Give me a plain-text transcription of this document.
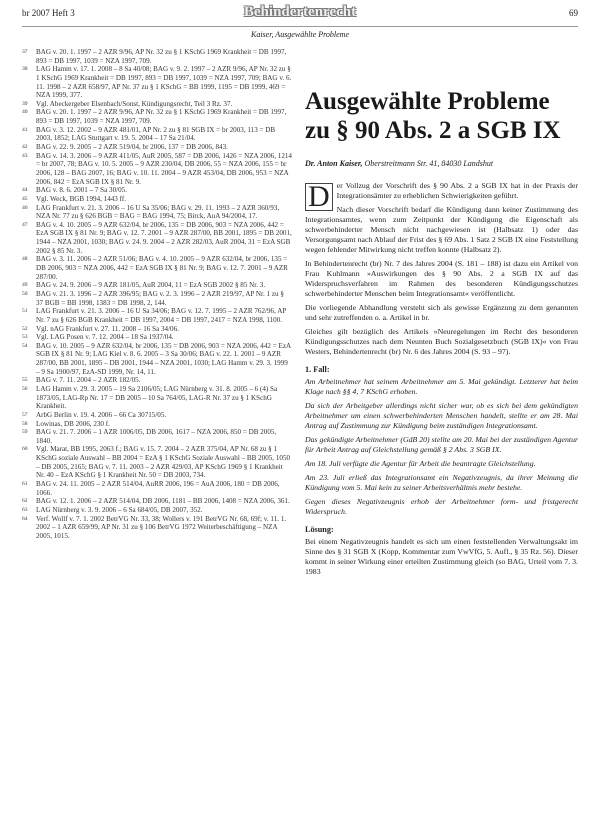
br 2007 Heft 3	Behindertenrecht	69
Kaiser, Ausgewählte Probleme
37	BAG v. 20. 1. 1997 – 2 AZR 9/96, AP Nr. 32 zu § 1 KSchG 1969 Krankheit = DB 1997, 893 = DB 1997, 1039 = NZA 1997, 709.
38	LAG Hamm v. 17. 1. 2008 – 8 Sa 40/08; BAG v. 9. 2. 1997 – 2 AZR 9/96, AP Nr. 32 zu § 1 KSchG 1969 Krankheit = DB 1997, 893 = DB 1997, 1039 = NZA 1997, 709; BAG v. 6. 11. 1998 – 2 AZR 658/97, AP Nr. 37 zu § 1 KSchG = BB 1999, 1195 = DB 1999, 469 = NZA 1999, 377.
39	Vgl. Abeckergeber Elsenbach/Sonst, Kündigungsrecht, Teil 3 Rz. 37.
40	BAG v. 20. 1. 1997 – 2 AZR 9/96, AP Nr. 32 zu § 1 KSchG 1969 Krankheit = DB 1997, 893 = DB 1997, 1039 = NZA 1997, 709.
41	BAG v. 3. 12. 2002 – 9 AZR 481/01, AP Nr. 2 zu § 81 SGB IX = br 2003, 113 = DB 2003, 1852; LAG Stuttgart v. 19. 5. 2004 – 17 Sa 21/04.
42	BAG v. 22. 9. 2005 – 2 AZR 519/04, br 2006, 137 = DB 2006, 843.
43	BAG v. 14. 3. 2006 – 9 AZR 411/05, AuR 2005, 587 = DB 2006, 1426 = NZA 2006, 1214 = br 2007, 78; BAG v. 10. 5. 2005 – 9 AZR 230/04, DB 2006, 55 = NZA 2006, 155 = br 2006, 128 – BAG 2007, 16; BAG v. 10. 11. 2004 – 9 AZR 453/04, DB 2006, 953 = NZA 2006, 842 = EzA SGB IX § 81 Nr. 9.
44	BAG v. 8. 6. 2001 – 7 Sa 30/05.
45	Vgl. Weck, BGB 1994, 1443 ff.
46	LAG Frankfurt v. 21. 3. 2006 – 16 U Sa 35/06; BAG v. 29. 11. 1993 – 2 AZR 360/93, NZA Nr. 77 zu § 626 BGB = BAG = BAG 1994, 75; Birck, AuA 94/2004, 17.
47	BAG v. 4. 10. 2005 – 9 AZR 632/04, br 2006, 135 = DB 2006, 903 = NZA 2006, 442 = EzA SGB IX § 81 Nr. 9; BAG v. 12. 7. 2001 – 9 AZR 287/00, BB 2001, 1895 = DB 2001, 1944 – NZA 2001, 1030; BAG v. 24. 9. 2004 – 2 AZR 282/03, AuR 2004, 31 = EzA SGB 2002 § 85 Nr. 3.
48	BAG v. 3. 11. 2006 – 2 AZR 51/06; BAG v. 4. 10. 2005 – 9 AZR 632/04, br 2006, 135 = DB 2006, 903 = NZA 2006, 442 = EzA SGB IX § 81 Nr. 9; BAG v. 12. 7. 2001 – 9 AZR 287/00.
49	BAG v. 24. 9. 2006 – 9 AZR 181/05, AuR 2004, 11 = EzA SGB 2002 § 85 Nr. 3.
50	BAG v. 21. 3. 1996 – 2 AZR 396/95; BAG v. 2. 3. 1996 – 2 AZR 219/97, AP Nr. 1 zu § 37 BGB = BB 1998, 1383 = DB 1998, 2, 144.
51	LAG Frankfurt v. 21. 3. 2006 – 16 U Sa 34/06; BAG v. 12. 7. 1995 – 2 AZR 762/96, AP Nr. 7 zu § 626 BGB Krankheit = DB 1997, 2004 = DB 1997, 2417 = NZA 1998, 1100.
52	Vgl. nAG Frankfurt v. 27. 11. 2008 – 16 Sa 34/06.
53	Vgl. LAG Posen v. 7. 12. 2004 – 18 Sa 1937/04.
54	BAG v. 10. 2005 – 9 AZR 632/04, br 2006, 135 = DB 2006, 903 = NZA 2006, 442 = EzA SGB IX § 81 Nr. 9; LAG Kiel v. 8. 6. 2005 – 3 Sa 30/06; BAG v. 22. 1. 2001 – 9 AZR 287/00, BB 2001, 1895 – DB 2001, 1944 – NZA 2001, 1030; LAG Hamm v. 29. 3. 1999 – 9 Sa 1900/97, EzA-SD 1999, Nr. 14, 11.
55	BAG v. 7. 11. 2004 – 2 AZR 182/05.
56	LAG Hamm v. 29. 3. 2005 – 19 Sa 2106/05; LAG Nürnberg v. 31. 8. 2005 – 6 (4) Sa 1873/05, LAG-Rp Nr. 17 = DB 2005 – 10 Sa 764/05, LAG-R Nr. 37 zu § 1 KSchG Krankheit.
57	ArbG Berlin v. 19. 4. 2006 – 66 Ca 30715/05.
58	Lowinas, DB 2006, 230 f.
59	BAG v. 21. 7. 2006 – 1 AZR 1006/05, DB 2006, 1617 – NZA 2006, 850 = DB 2005, 1840.
60	Vgl. Marat, BB 1995, 2063 f.; BAG v. 15. 7. 2004 – 2 AZR 375/04, AP Nr. 68 zu § 1 KSchG soziale Auswahl – BB 2004 = EzA § 1 KSchG Soziale Auswahl – BB 2005, 1050 – DB 2005, 2165; BAG v. 7. 11. 2003 – 2 AZR 429/03, AP KSchG 1969 § 1 Krankheit Nr. 40 – EzA KSchG § 1 Krankheit Nr. 50 = DB 2003, 734.
61	BAG v. 24. 11. 2005 – 2 AZR 514/04, AuRR 2006, 196 = AuA 2006, 180 = DB 2006, 1066.
62	BAG v. 12. 1. 2006 – 2 AZR 514/04, DB 2006, 1181 – BB 2006, 1408 = NZA 2006, 361.
63	LAG Nürnberg v. 3. 9. 2006 – 6 Sa 684/05, DB 2007, 352.
64	Verf. Wollf v. 7. 1. 2002 BetrVG Nr. 33, 38; Wollers v. 191 BetrVG Nr. 68, 69f; v. 11. 1. 2002 – 1 AZR 659/99, AP Nr. 31 zu § 106 BetrVG 1972 Weiterbeschäftigung – NZA 2005, 1015.
Ausgewählte Probleme zu § 90 Abs. 2 a SGB IX
Dr. Anton Kaiser, Oberstreitmann Str. 41, 84030 Landshut

D er Vollzug der Vorschrift des § 90 Abs. 2 a SGB IX hat in der Praxis der Integrationsämter zu erheblichen Schwierigkeiten geführt.

Nach dieser Vorschrift bedarf die Kündigung dann keiner Zustimmung des Integrationsamtes, wenn zum Zeitpunkt der Kündigung die Eigenschaft als schwerbehinderter Mensch nicht nachgewiesen ist (Halbsatz 1) oder das Versorgungsamt nach Ablauf der Frist des § 69 Abs. 1 Satz 2 SGB IX eine Feststellung wegen fehlender Mitwirkung nicht treffen konnte (Halbsatz 2).

In Behindertenrecht (br) Nr. 7 des Jahres 2004 (S. 181 – 188) ist dazu ein Artikel von Frau Kuhlmann »Auswirkungen des § 90 Abs. 2 a SGB IX auf das Widerspruchsverfahren im Rahmen des besonderen Kündigungsschutzes schwerbehinderter Menschen beim Integrationsamt« veröffentlicht.

Die vorliegende Abhandlung versteht sich als gewisse Ergänzung zu dem genannten und sehr zutreffenden o. a. Artikel in br.

Gleiches gilt bezüglich des Artikels »Neuregelungen im Recht des besonderen Kündigungsschutzes nach dem Neunten Buch Sozialgesetzbuch (SGB IX)« von Frau Westers, Behindertenrecht (br) Nr. 6 des Jahres 2004 (S. 93 – 97).

1. Fall:

Am Arbeitnehmer hat seinem Arbeitnehmer am 5. Mai gekündigt. Letzterer hat beim Klage nach §§ 4, 7 KSchG erhoben.

Da sich der Arbeitgeber allerdings nicht sicher war, ob es sich bei dem gekündigten Arbeitnehmer um einen schwerbehinderten Menschen handelt, stellte er am 28. Mai Antrag auf Zustimmung zur Kündigung beim zuständigen Integrationsamt.

Das gekündigte Arbeitnehmer (GdB 20) stellte am 20. Mai bei der zuständigen Agentur für Arbeit Antrag auf Gleichstellung gemäß § 2 Abs. 3 SGB IX.

Am 18. Juli verfügte die Agentur für Arbeit die beantragte Gleichstellung.

Am 23. Juli erließ das Integrationsamt ein Negativzeugnis, da ihrer Meinung die Kündigung vom 5. Mai kein zu seiner Arbeitsverhältnis mehr bestehe.

Gegen dieses Negativzeugnis erhob der Arbeitnehmer form- und fristgerecht Widerspruch.

Lösung:

Bei einem Negativzeugnis handelt es sich um einen feststellenden Verwaltungsakt im Sinne des § 31 SGB X (Kopp, Kommentar zum VwVfG, 5. Aufl., § 35 Rz. 56). Dieser kommt in seiner Wirkung einer erteilten Zustimmung gleich (so BAG, Urteil vom 7. 3. 1983
